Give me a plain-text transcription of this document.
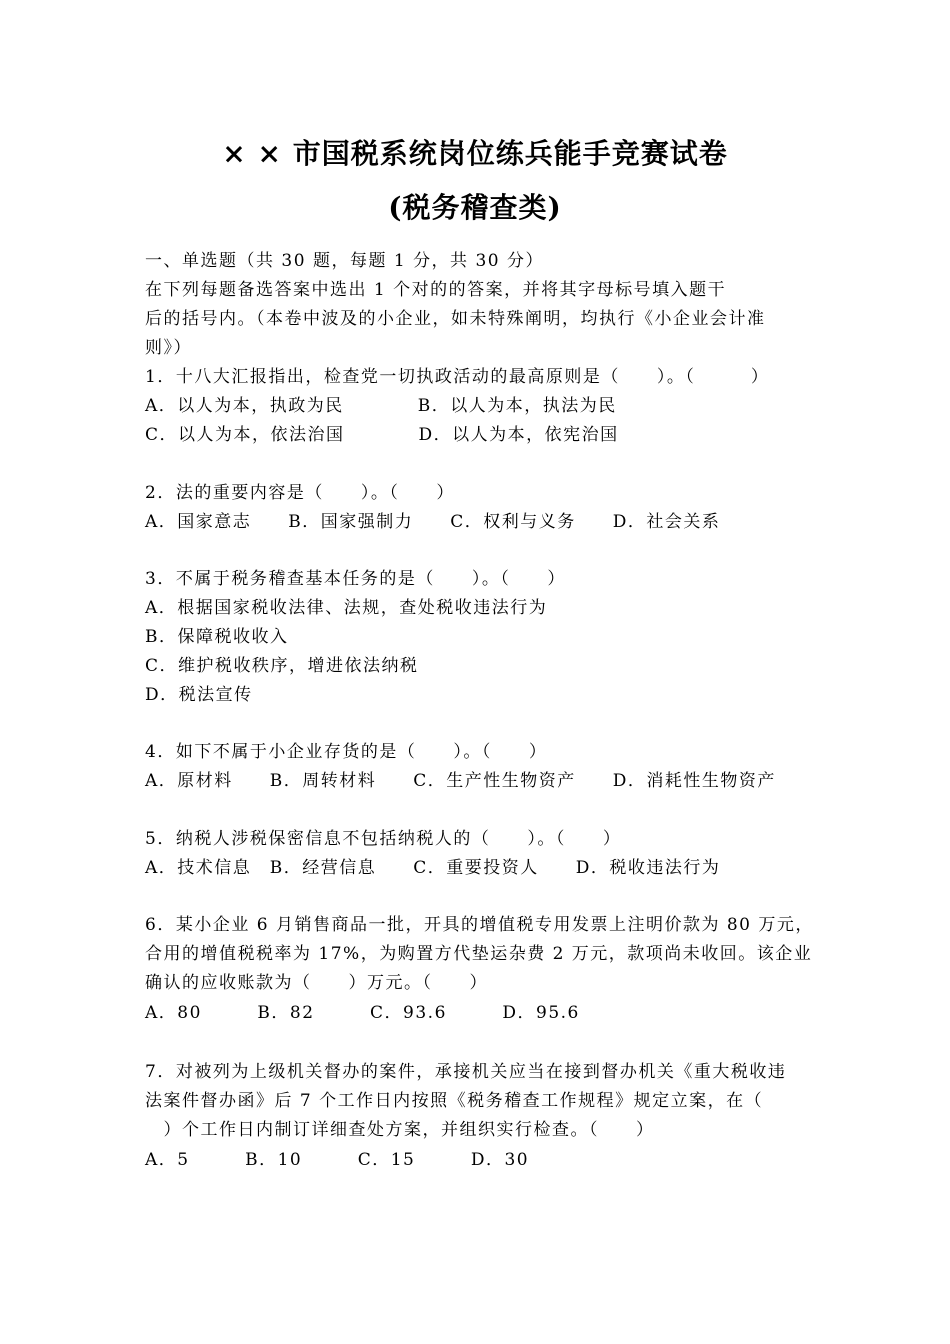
× × 市国税系统岗位练兵能手竞赛试卷
(税务稽查类)

一、单选题（共 30 题，每题 1 分，共 30 分）

在下列每题备选答案中选出 1 个对的的答案，并将其字母标号填入题干

后的括号内。（本卷中波及的小企业，如未特殊阐明，均执行《小企业会计准

则》）

1．十八大汇报指出，检查党一切执政活动的最高原则是（　　）。（　　　）

A．以人为本，执政为民　　　　B．以人为本，执法为民

C．以人为本，依法治国　　　　D．以人为本，依宪治国

2．法的重要内容是（　　）。（　　）

A．国家意志　　B．国家强制力　　C．权利与义务　　D．社会关系

3．不属于税务稽查基本任务的是（　　）。（　　）

A．根据国家税收法律、法规，查处税收违法行为

B．保障税收收入

C．维护税收秩序，增进依法纳税

D．税法宣传

4．如下不属于小企业存货的是（　　）。（　　）

A．原材料　　B．周转材料　　C．生产性生物资产　　D．消耗性生物资产

5．纳税人涉税保密信息不包括纳税人的（　　）。（　　）

A．技术信息　B．经营信息　　C．重要投资人　　D．税收违法行为

6．某小企业 6 月销售商品一批，开具的增值税专用发票上注明价款为 80 万元，

合用的增值税税率为 17%，为购置方代垫运杂费 2 万元，款项尚未收回。该企业

确认的应收账款为（　　）万元。（　　）

A．80　　　B．82　　　C．93.6　　　D．95.6

7．对被列为上级机关督办的案件，承接机关应当在接到督办机关《重大税收违

法案件督办函》后 7 个工作日内按照《税务稽查工作规程》规定立案，在（

　）个工作日内制订详细查处方案，并组织实行检查。（　　）

A．5　　　B．10　　　C．15　　　D．30
